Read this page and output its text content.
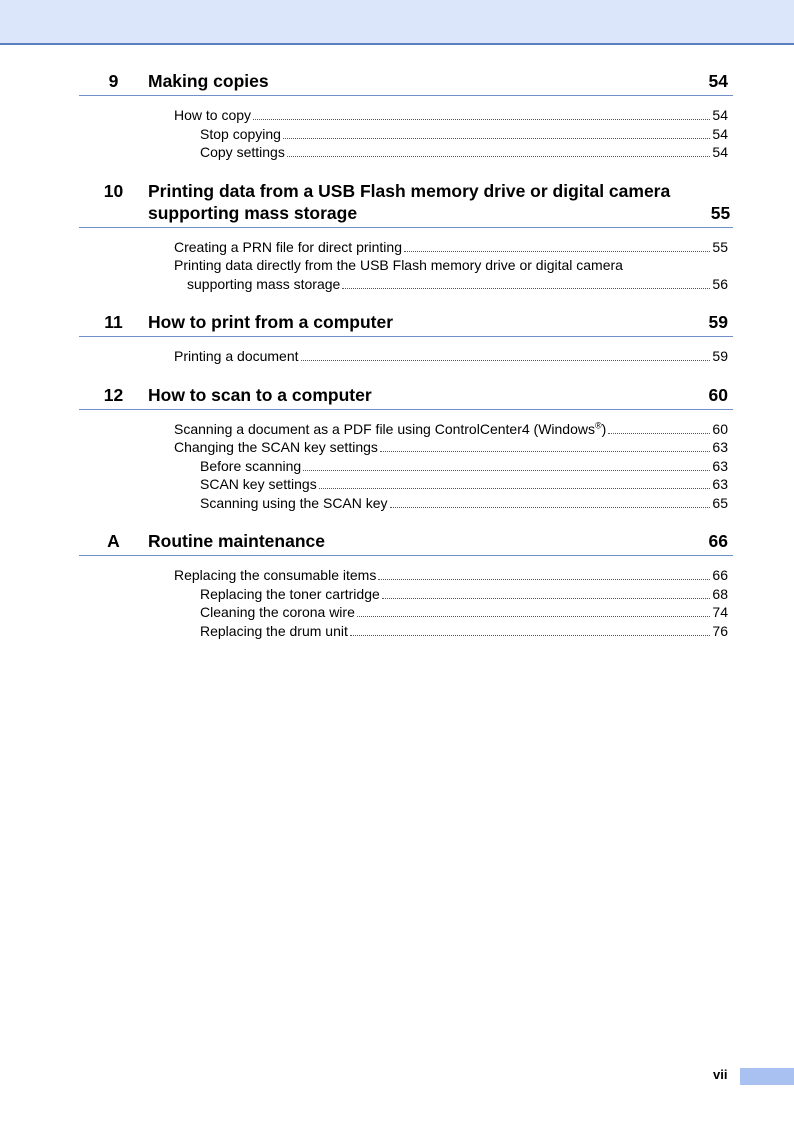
9	Making copies	54
How to copy	54
Stop copying	54
Copy settings	54
10	Printing data from a USB Flash memory drive or digital camera
supporting mass storage	55
Creating a PRN file for direct printing	55
Printing data directly from the USB Flash memory drive or digital camera
supporting mass storage	56
11	How to print from a computer	59
Printing a document	59
12	How to scan to a computer	60
Scanning a document as a PDF file using ControlCenter4 (Windows®)	60
Changing the SCAN key settings	63
Before scanning	63
SCAN key settings	63
Scanning using the SCAN key	65
A	Routine maintenance	66
Replacing the consumable items	66
Replacing the toner cartridge	68
Cleaning the corona wire	74
Replacing the drum unit	76
vii
